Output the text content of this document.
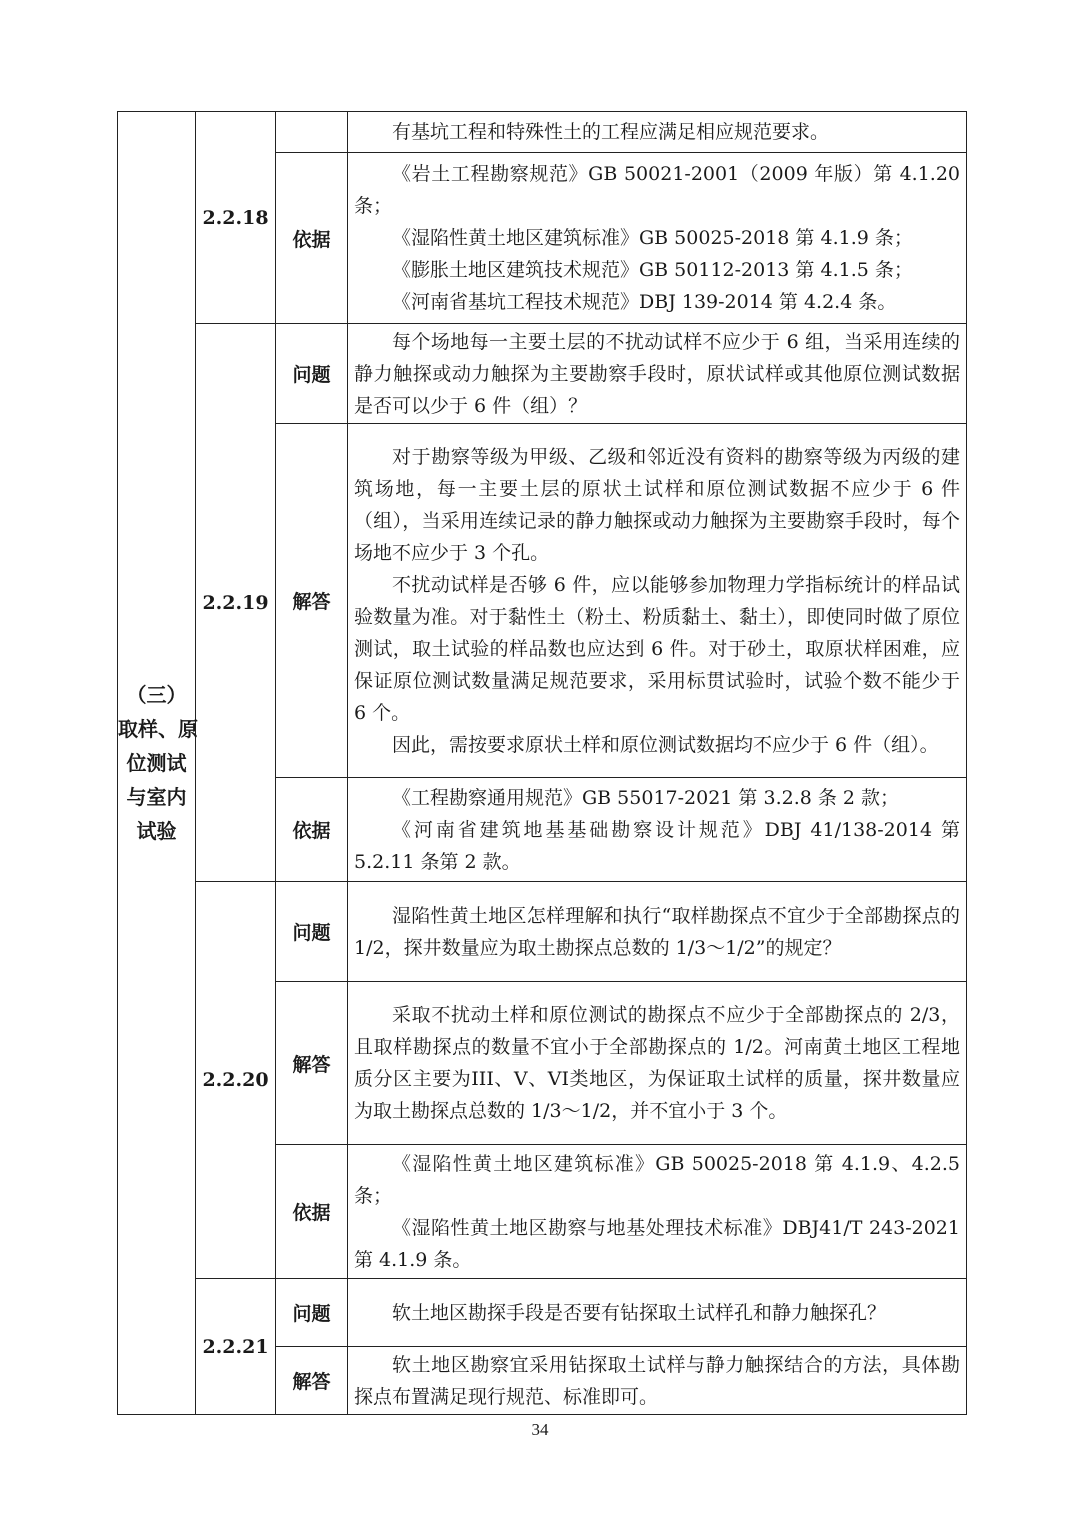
（三）
取样、原
位测试
与室内
试验	2.2.18		有基坑工程和特殊性土的工程应满足相应规范要求。

		依据	《岩土工程勘察规范》GB 50021-2001（2009 年版）第 4.1.20 条；

《湿陷性黄土地区建筑标准》GB 50025-2018 第 4.1.9 条；

《膨胀土地区建筑技术规范》GB 50112-2013 第 4.1.5 条；

《河南省基坑工程技术规范》DBJ 139-2014 第 4.2.4 条。

	2.2.19	问题	每个场地每一主要土层的不扰动试样不应少于 6 组，当采用连续的静力触探或动力触探为主要勘察手段时，原状试样或其他原位测试数据是否可以少于 6 件（组）？

		解答	对于勘察等级为甲级、乙级和邻近没有资料的勘察等级为丙级的建筑场地，每一主要土层的原状土试样和原位测试数据不应少于 6 件（组），当采用连续记录的静力触探或动力触探为主要勘察手段时，每个场地不应少于 3 个孔。

不扰动试样是否够 6 件，应以能够参加物理力学指标统计的样品试验数量为准。对于黏性土（粉土、粉质黏土、黏土），即使同时做了原位测试，取土试验的样品数也应达到 6 件。对于砂土，取原状样困难，应保证原位测试数量满足规范要求，采用标贯试验时，试验个数不能少于 6 个。

因此，需按要求原状土样和原位测试数据均不应少于 6 件（组）。

		依据	《工程勘察通用规范》GB 55017-2021 第 3.2.8 条 2 款；

《河南省建筑地基基础勘察设计规范》DBJ 41/138-2014 第 5.2.11 条第 2 款。

	2.2.20	问题	湿陷性黄土地区怎样理解和执行“取样勘探点不宜少于全部勘探点的 1/2，探井数量应为取土勘探点总数的 1/3～1/2”的规定？

		解答	采取不扰动土样和原位测试的勘探点不应少于全部勘探点的 2/3，且取样勘探点的数量不宜小于全部勘探点的 1/2。河南黄土地区工程地质分区主要为III、V、VI类地区，为保证取土试样的质量，探井数量应为取土勘探点总数的 1/3～1/2，并不宜小于 3 个。

		依据	《湿陷性黄土地区建筑标准》GB 50025-2018 第 4.1.9、4.2.5 条；

《湿陷性黄土地区勘察与地基处理技术标准》DBJ41/T 243-2021 第 4.1.9 条。

	2.2.21	问题	软土地区勘探手段是否要有钻探取土试样孔和静力触探孔？

		解答	软土地区勘察宜采用钻探取土试样与静力触探结合的方法，具体勘探点布置满足现行规范、标准即可。

34
